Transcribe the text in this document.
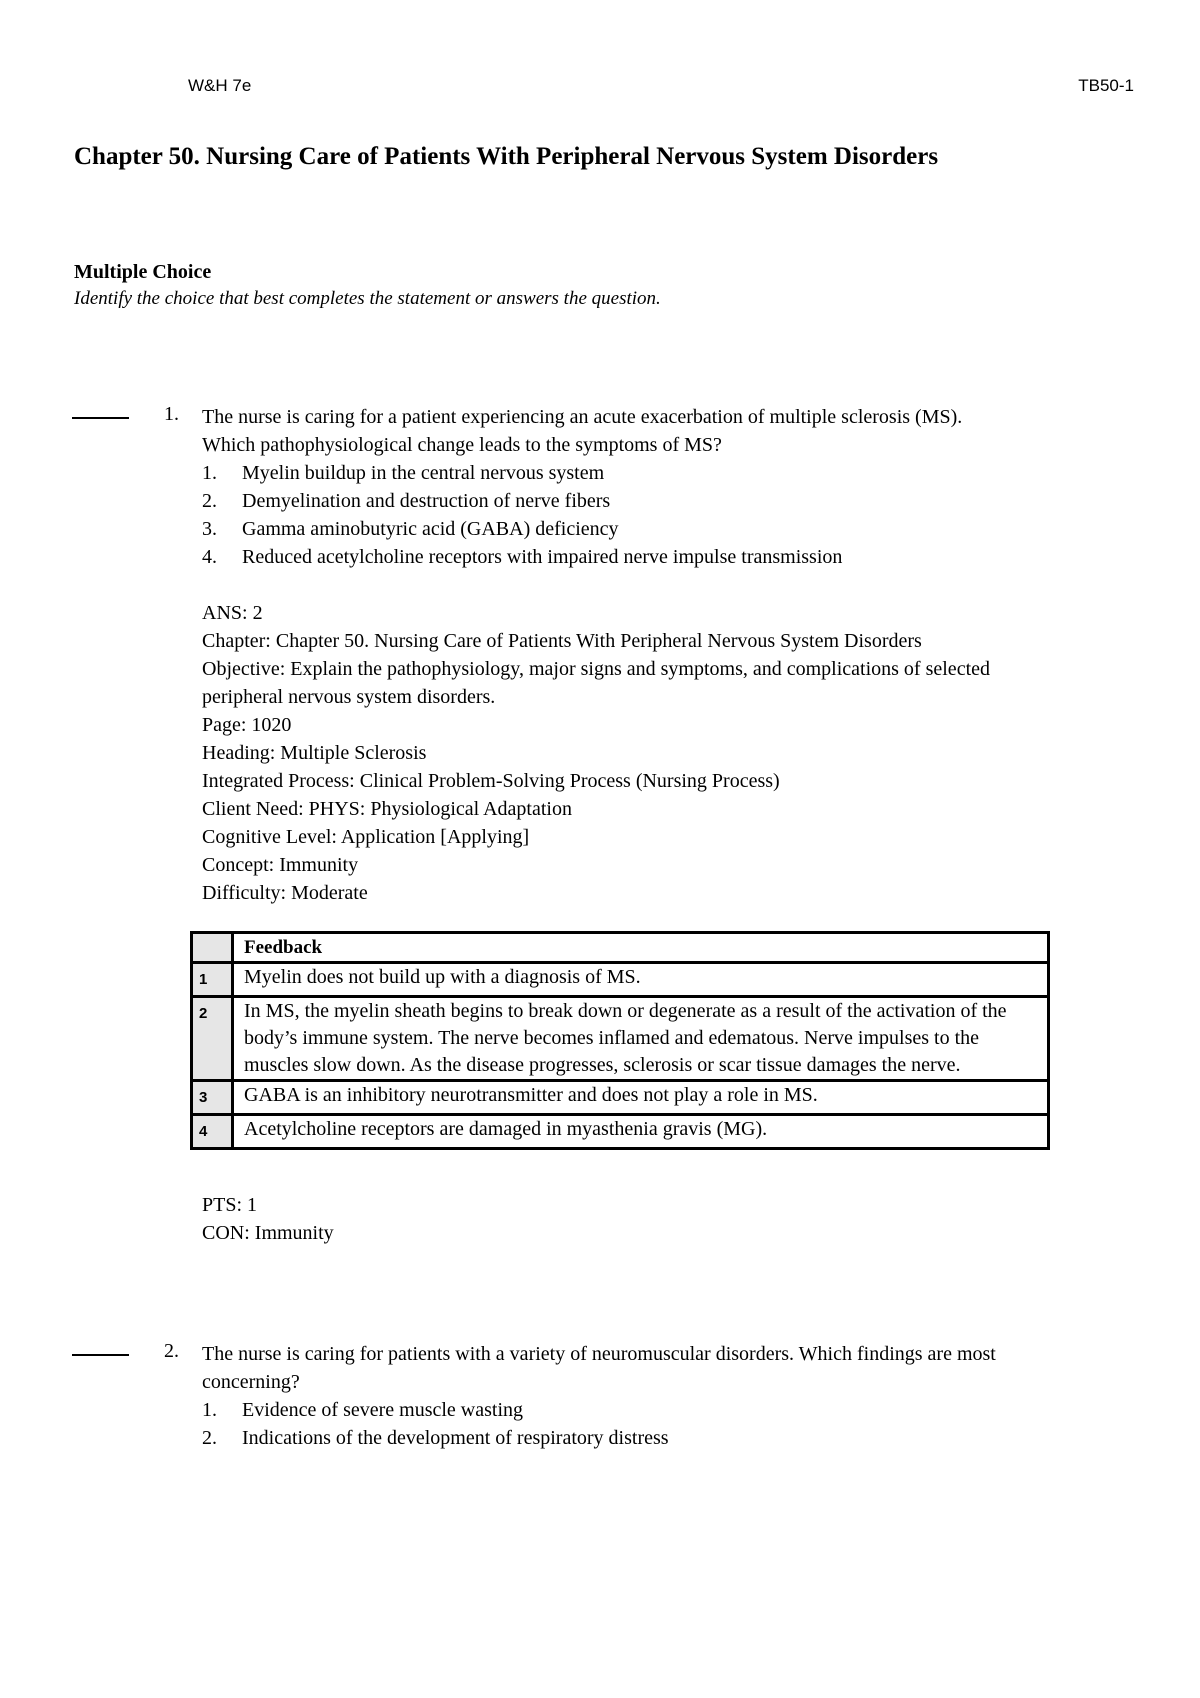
W&H 7e	TB50-1
Chapter 50. Nursing Care of Patients With Peripheral Nervous System Disorders
Multiple Choice
Identify the choice that best completes the statement or answers the question.
1. The nurse is caring for a patient experiencing an acute exacerbation of multiple sclerosis (MS).

Which pathophysiological change leads to the symptoms of MS?

1. Myelin buildup in the central nervous system
2. Demyelination and destruction of nerve fibers
3. Gamma aminobutyric acid (GABA) deficiency
4. Reduced acetylcholine receptors with impaired nerve impulse transmission
ANS: 2
Chapter: Chapter 50. Nursing Care of Patients With Peripheral Nervous System Disorders
Objective: Explain the pathophysiology, major signs and symptoms, and complications of selected
peripheral nervous system disorders.
Page: 1020
Heading: Multiple Sclerosis
Integrated Process: Clinical Problem-Solving Process (Nursing Process)
Client Need: PHYS: Physiological Adaptation
Cognitive Level: Application [Applying]
Concept: Immunity
Difficulty: Moderate
	Feedback
1	Myelin does not build up with a diagnosis of MS.
2	In MS, the myelin sheath begins to break down or degenerate as a result of the activation of the body’s immune system. The nerve becomes inflamed and edematous. Nerve impulses to the muscles slow down. As the disease progresses, sclerosis or scar tissue damages the nerve.
3	GABA is an inhibitory neurotransmitter and does not play a role in MS.
4	Acetylcholine receptors are damaged in myasthenia gravis (MG).
PTS: 1
CON: Immunity
2. The nurse is caring for patients with a variety of neuromuscular disorders. Which findings are most

concerning?

1. Evidence of severe muscle wasting
2. Indications of the development of respiratory distress
